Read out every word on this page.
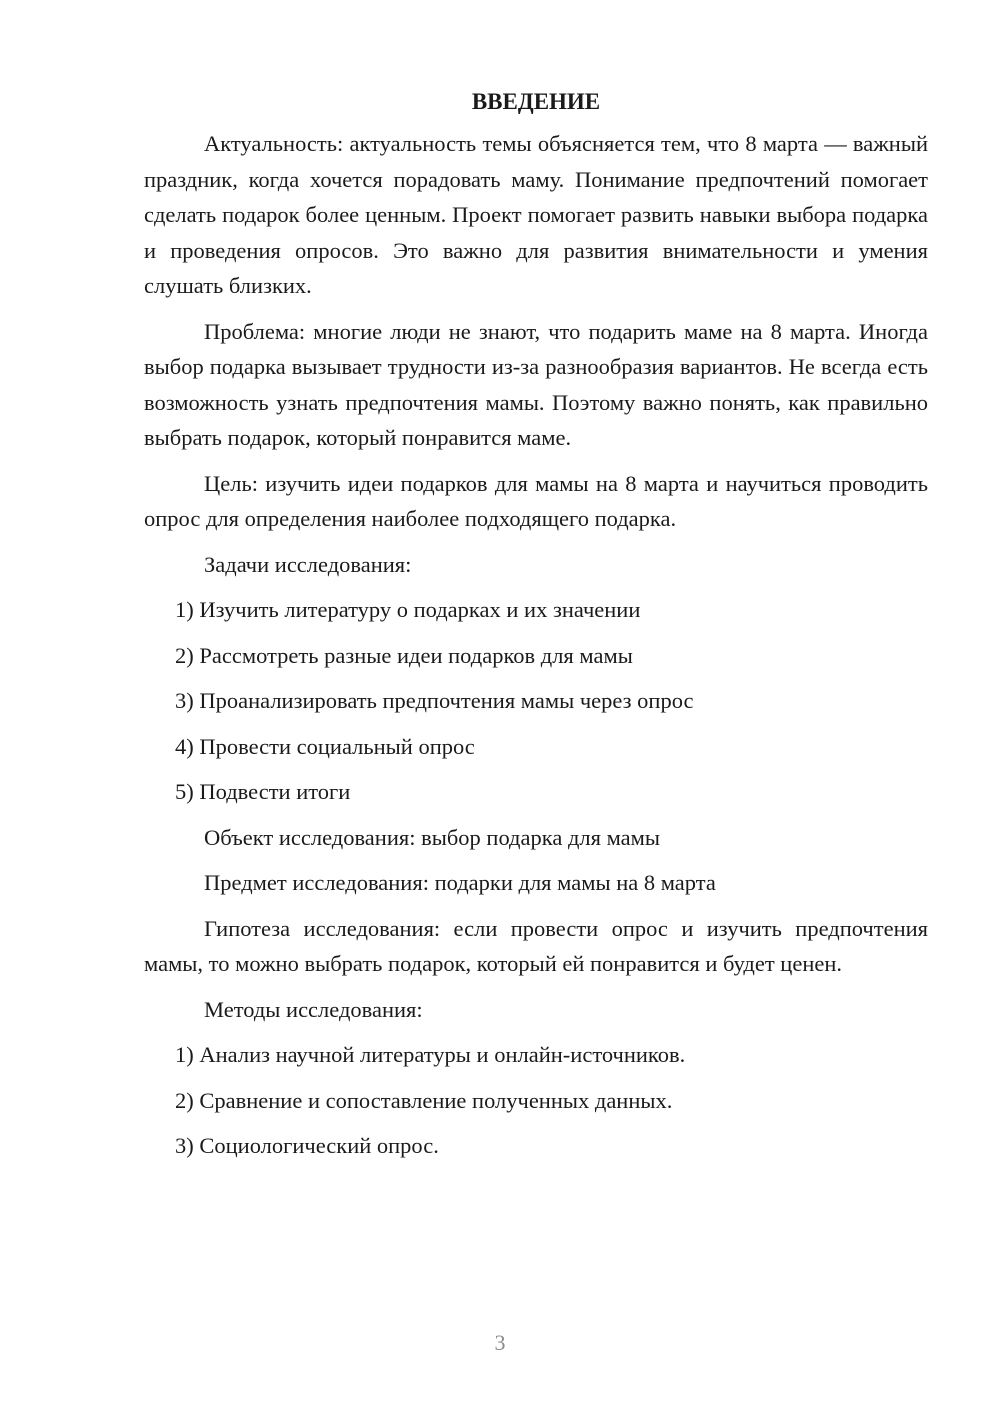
ВВЕДЕНИЕ

Актуальность: актуальность темы объясняется тем, что 8 марта — важный праздник, когда хочется порадовать маму. Понимание предпочтений помогает сделать подарок более ценным. Проект помогает развить навыки выбора подарка и проведения опросов. Это важно для развития внимательности и умения слушать близких.

Проблема: многие люди не знают, что подарить маме на 8 марта. Иногда выбор подарка вызывает трудности из-за разнообразия вариантов. Не всегда есть возможность узнать предпочтения мамы. Поэтому важно понять, как правильно выбрать подарок, который понравится маме.

Цель: изучить идеи подарков для мамы на 8 марта и научиться проводить опрос для определения наиболее подходящего подарка.

Задачи исследования:

1) Изучить литературу о подарках и их значении

2) Рассмотреть разные идеи подарков для мамы

3) Проанализировать предпочтения мамы через опрос

4) Провести социальный опрос

5) Подвести итоги

Объект исследования: выбор подарка для мамы

Предмет исследования: подарки для мамы на 8 марта

Гипотеза исследования: если провести опрос и изучить предпочтения мамы, то можно выбрать подарок, который ей понравится и будет ценен.

Методы исследования:

1) Анализ научной литературы и онлайн-источников.

2) Сравнение и сопоставление полученных данных.

3) Социологический опрос.

3
